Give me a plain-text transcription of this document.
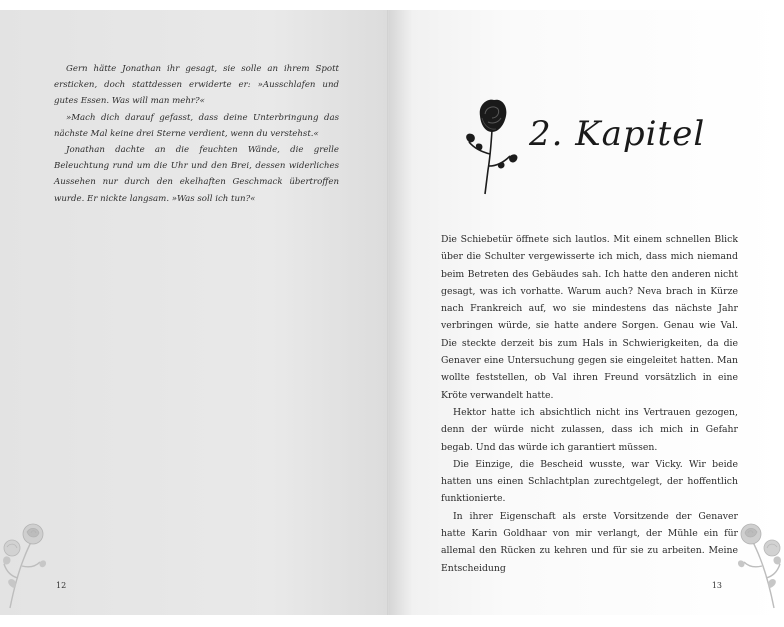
Gern hätte Jonathan ihr gesagt, sie solle an ihrem Spott ersticken, doch stattdessen erwiderte er: »Ausschlafen und gutes Essen. Was will man mehr?«

»Mach dich darauf gefasst, dass deine Unterbringung das nächste Mal keine drei Sterne verdient, wenn du verstehst.«

Jonathan dachte an die feuchten Wände, die grelle Beleuchtung rund um die Uhr und den Brei, dessen widerliches Aussehen nur durch den ekelhaften Geschmack übertroffen wurde. Er nickte langsam. »Was soll ich tun?«

12
2. Kapitel

Die Schiebetür öffnete sich lautlos. Mit einem schnellen Blick über die Schulter vergewisserte ich mich, dass mich niemand beim Betreten des Gebäudes sah. Ich hatte den anderen nicht gesagt, was ich vorhatte. Warum auch? Neva brach in Kürze nach Frankreich auf, wo sie mindestens das nächste Jahr verbringen würde, sie hatte andere Sorgen. Genau wie Val. Die steckte derzeit bis zum Hals in Schwierigkeiten, da die Genaver eine Untersuchung gegen sie eingeleitet hatten. Man wollte feststellen, ob Val ihren Freund vorsätzlich in eine Kröte verwandelt hatte.

Hektor hatte ich absichtlich nicht ins Vertrauen gezogen, denn der würde nicht zulassen, dass ich mich in Gefahr begab. Und das würde ich garantiert müssen.

Die Einzige, die Bescheid wusste, war Vicky. Wir beide hatten uns einen Schlachtplan zurechtgelegt, der hoffentlich funktionierte.

In ihrer Eigenschaft als erste Vorsitzende der Genaver hatte Karin Goldhaar von mir verlangt, der Mühle ein für allemal den Rücken zu kehren und für sie zu arbeiten. Meine Entscheidung

13
